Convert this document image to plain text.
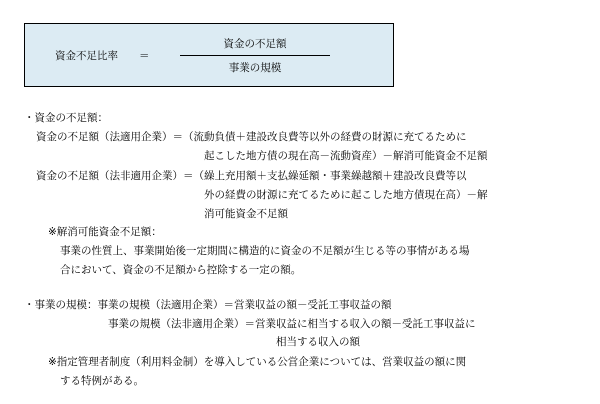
資金不足比率 ＝
資金の不足額
事業の規模
・資金の不足額：
資金の不足額（法適用企業）＝（流動負債＋建設改良費等以外の経費の財源に充てるために
起こした地方債の現在高－流動資産）－解消可能資金不足額
資金の不足額（法非適用企業）＝（繰上充用額＋支払繰延額・事業繰越額＋建設改良費等以
外の経費の財源に充てるために起こした地方債現在高）－解
消可能資金不足額
※解消可能資金不足額：
事業の性質上、事業開始後一定期間に構造的に資金の不足額が生じる等の事情がある場
合において、資金の不足額から控除する一定の額。
・事業の規模：事業の規模（法適用企業）＝営業収益の額－受託工事収益の額
事業の規模（法非適用企業）＝営業収益に相当する収入の額－受託工事収益に
相当する収入の額
※指定管理者制度（利用料金制）を導入している公営企業については、営業収益の額に関
する特例がある。
